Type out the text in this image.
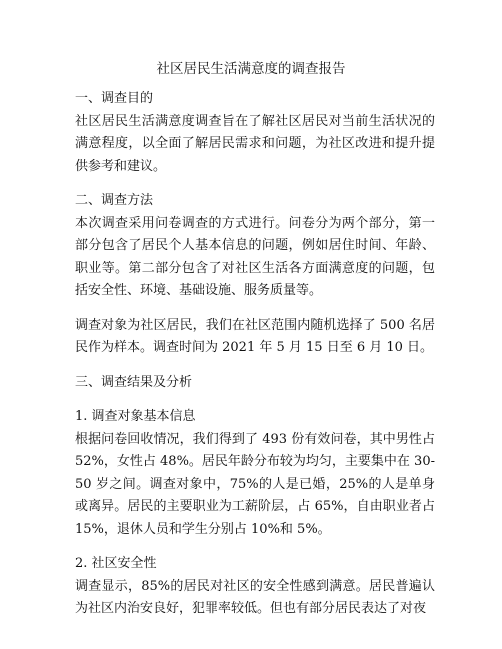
社区居民生活满意度的调查报告

一、调查目的

社区居民生活满意度调查旨在了解社区居民对当前生活状况的满意程度，以全面了解居民需求和问题，为社区改进和提升提供参考和建议。

二、调查方法

本次调查采用问卷调查的方式进行。问卷分为两个部分，第一部分包含了居民个人基本信息的问题，例如居住时间、年龄、职业等。第二部分包含了对社区生活各方面满意度的问题，包括安全性、环境、基础设施、服务质量等。

调查对象为社区居民，我们在社区范围内随机选择了 500 名居民作为样本。调查时间为 2021 年 5 月 15 日至 6 月 10 日。

三、调查结果及分析

1. 调查对象基本信息

根据问卷回收情况，我们得到了 493 份有效问卷，其中男性占 52%，女性占 48%。居民年龄分布较为均匀，主要集中在 30-50 岁之间。调查对象中，75%的人是已婚，25%的人是单身或离异。居民的主要职业为工薪阶层，占 65%，自由职业者占 15%，退休人员和学生分别占 10%和 5%。

2. 社区安全性

调查显示，85%的居民对社区的安全性感到满意。居民普遍认为社区内治安良好，犯罪率较低。但也有部分居民表达了对夜
